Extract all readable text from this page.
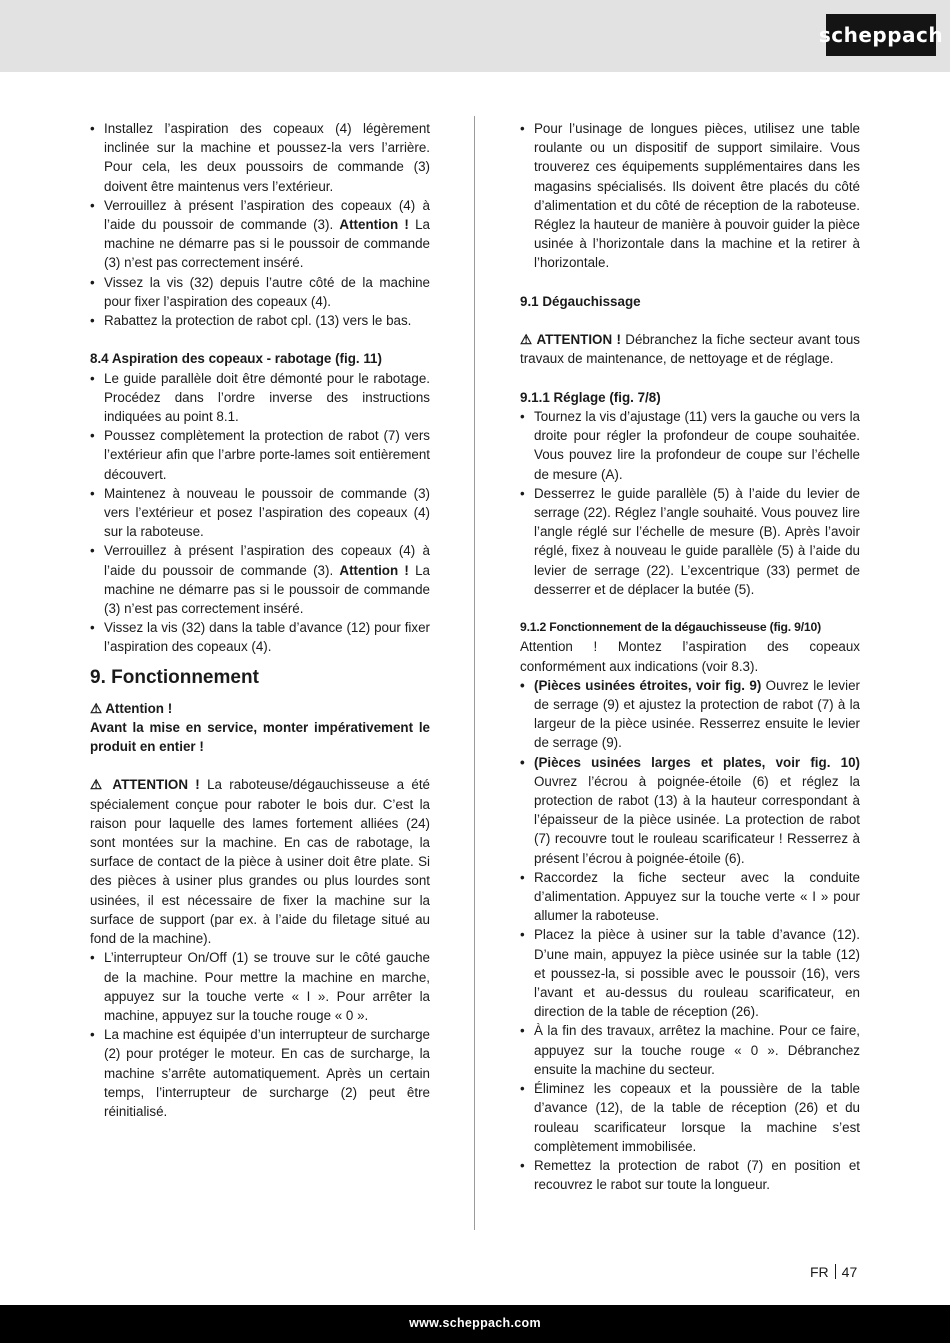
scheppach
• Installez l’aspiration des copeaux (4) légèrement inclinée sur la machine et poussez-la vers l’arrière. Pour cela, les deux poussoirs de commande (3) doivent être maintenus vers l’extérieur.
• Verrouillez à présent l’aspiration des copeaux (4) à l’aide du poussoir de commande (3). Attention ! La machine ne démarre pas si le poussoir de commande (3) n’est pas correctement inséré.
• Vissez la vis (32) depuis l’autre côté de la machine pour fixer l’aspiration des copeaux (4).
• Rabattez la protection de rabot cpl. (13) vers le bas.

8.4 Aspiration des copeaux - rabotage (fig. 11)

• Le guide parallèle doit être démonté pour le rabotage. Procédez dans l’ordre inverse des instructions indiquées au point 8.1.
• Poussez complètement la protection de rabot (7) vers l’extérieur afin que l’arbre porte-lames soit entièrement découvert.
• Maintenez à nouveau le poussoir de commande (3) vers l’extérieur et posez l’aspiration des copeaux (4) sur la raboteuse.
• Verrouillez à présent l’aspiration des copeaux (4) à l’aide du poussoir de commande (3). Attention ! La machine ne démarre pas si le poussoir de commande (3) n’est pas correctement inséré.
• Vissez la vis (32) dans la table d’avance (12) pour fixer l’aspiration des copeaux (4).
9. Fonctionnement

⚠ Attention !

Avant la mise en service, monter impérativement le produit en entier !

⚠ ATTENTION ! La raboteuse/dégauchisseuse a été spécialement conçue pour raboter le bois dur. C’est la raison pour laquelle des lames fortement alliées (24) sont montées sur la machine. En cas de rabotage, la surface de contact de la pièce à usiner doit être plate. Si des pièces à usiner plus grandes ou plus lourdes sont usinées, il est nécessaire de fixer la machine sur la surface de support (par ex. à l’aide du filetage situé au fond de la machine).

• L’interrupteur On/Off (1) se trouve sur le côté gauche de la machine. Pour mettre la machine en marche, appuyez sur la touche verte « I ». Pour arrêter la machine, appuyez sur la touche rouge « 0 ».
• La machine est équipée d’un interrupteur de surcharge (2) pour protéger le moteur. En cas de surcharge, la machine s’arrête automatiquement. Après un certain temps, l’interrupteur de surcharge (2) peut être réinitialisé.
• Pour l’usinage de longues pièces, utilisez une table roulante ou un dispositif de support similaire. Vous trouverez ces équipements supplémentaires dans les magasins spécialisés. Ils doivent être placés du côté d’alimentation et du côté de réception de la raboteuse. Réglez la hauteur de manière à pouvoir guider la pièce usinée à l’horizontale dans la machine et la retirer à l’horizontale.

9.1 Dégauchissage

⚠ ATTENTION ! Débranchez la fiche secteur avant tous travaux de maintenance, de nettoyage et de réglage.

9.1.1 Réglage (fig. 7/8)

• Tournez la vis d’ajustage (11) vers la gauche ou vers la droite pour régler la profondeur de coupe souhaitée. Vous pouvez lire la profondeur de coupe sur l’échelle de mesure (A).
• Desserrez le guide parallèle (5) à l’aide du levier de serrage (22). Réglez l’angle souhaité. Vous pouvez lire l’angle réglé sur l’échelle de mesure (B). Après l’avoir réglé, fixez à nouveau le guide parallèle (5) à l’aide du levier de serrage (22). L’excentrique (33) permet de desserrer et de déplacer la butée (5).

9.1.2 Fonctionnement de la dégauchisseuse (fig. 9/10)

Attention ! Montez l’aspiration des copeaux conformément aux indications (voir 8.3).

• (Pièces usinées étroites, voir fig. 9) Ouvrez le levier de serrage (9) et ajustez la protection de rabot (7) à la largeur de la pièce usinée. Resserrez ensuite le levier de serrage (9).
• (Pièces usinées larges et plates, voir fig. 10) Ouvrez l’écrou à poignée-étoile (6) et réglez la protection de rabot (13) à la hauteur correspondant à l’épaisseur de la pièce usinée. La protection de rabot (7) recouvre tout le rouleau scarificateur ! Resserrez à présent l’écrou à poignée-étoile (6).
• Raccordez la fiche secteur avec la conduite d’alimentation. Appuyez sur la touche verte « I » pour allumer la raboteuse.
• Placez la pièce à usiner sur la table d’avance (12). D’une main, appuyez la pièce usinée sur la table (12) et poussez-la, si possible avec le poussoir (16), vers l’avant et au-dessus du rouleau scarificateur, en direction de la table de réception (26).
• À la fin des travaux, arrêtez la machine. Pour ce faire, appuyez sur la touche rouge « 0 ». Débranchez ensuite la machine du secteur.
• Éliminez les copeaux et la poussière de la table d’avance (12), de la table de réception (26) et du rouleau scarificateur lorsque la machine s’est complètement immobilisée.
• Remettez la protection de rabot (7) en position et recouvrez le rabot sur toute la longueur.
FR 47
www.scheppach.com
